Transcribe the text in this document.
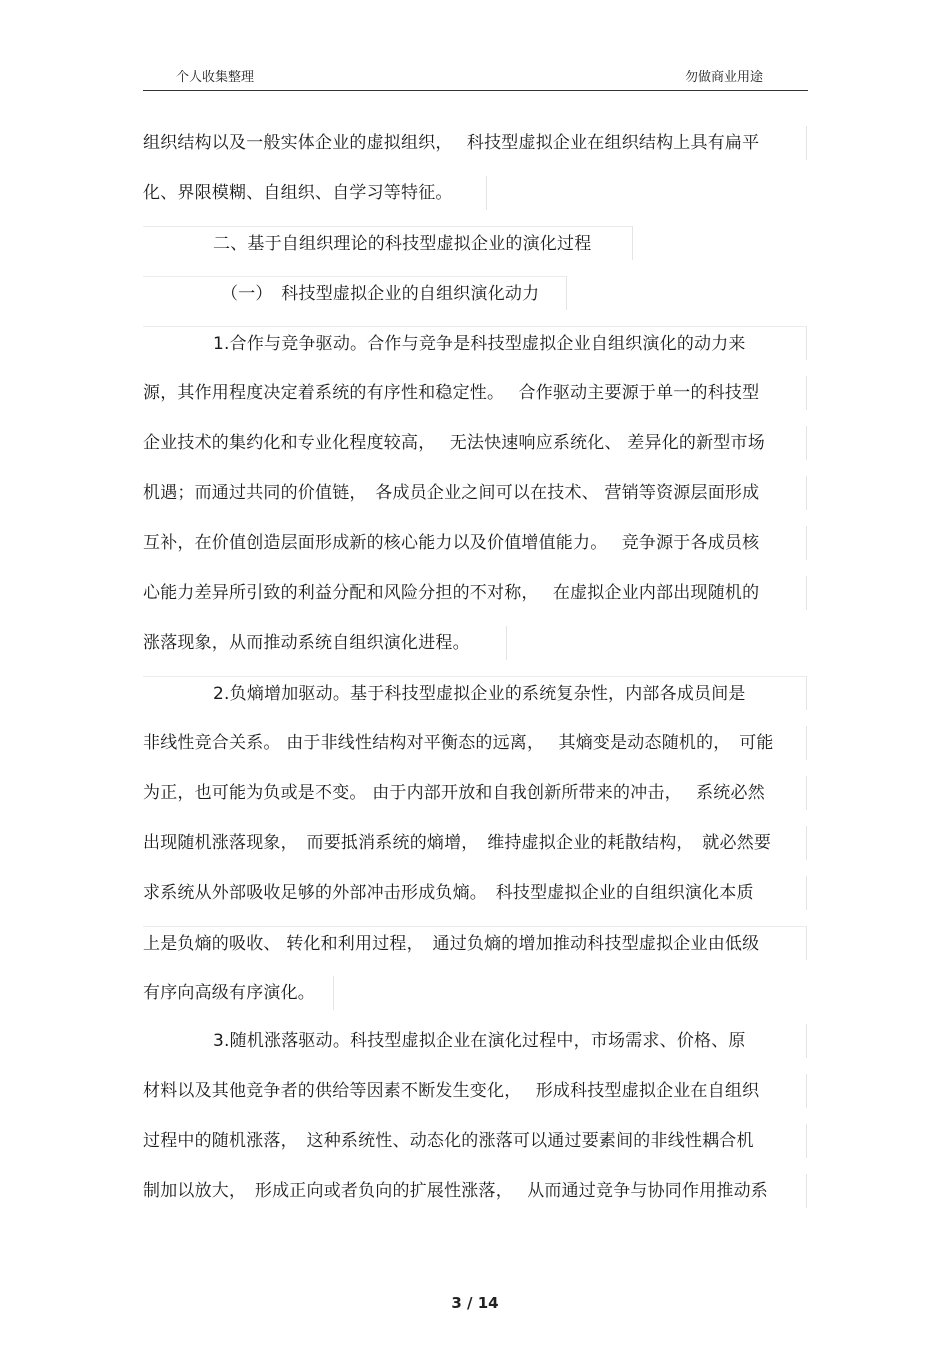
个人收集整理	勿做商业用途
组织结构以及一般实体企业的虚拟组织，　 科技型虚拟企业在组织结构上具有扁平
化、界限模糊、自组织、自学习等特征。
二、基于自组织理论的科技型虚拟企业的演化过程
（一）　科技型虚拟企业的自组织演化动力
1.合作与竞争驱动。合作与竞争是科技型虚拟企业自组织演化的动力来
源，其作用程度决定着系统的有序性和稳定性。　 合作驱动主要源于单一的科技型
企业技术的集约化和专业化程度较高，　 无法快速响应系统化、 差异化的新型市场
机遇；而通过共同的价值链，　各成员企业之间可以在技术、 营销等资源层面形成
互补，在价值创造层面形成新的核心能力以及价值增值能力。　 竞争源于各成员核
心能力差异所引致的利益分配和风险分担的不对称，　 在虚拟企业内部出现随机的
涨落现象，从而推动系统自组织演化进程。
2.负熵增加驱动。基于科技型虚拟企业的系统复杂性，内部各成员间是
非线性竞合关系。 由于非线性结构对平衡态的远离，　 其熵变是动态随机的，　可能
为正，也可能为负或是不变。 由于内部开放和自我创新所带来的冲击，　 系统必然
出现随机涨落现象，　而要抵消系统的熵增，　维持虚拟企业的耗散结构，　就必然要
求系统从外部吸收足够的外部冲击形成负熵。　科技型虚拟企业的自组织演化本质
上是负熵的吸收、 转化和利用过程，　通过负熵的增加推动科技型虚拟企业由低级
有序向高级有序演化。
3.随机涨落驱动。科技型虚拟企业在演化过程中，市场需求、价格、原
材料以及其他竞争者的供给等因素不断发生变化，　 形成科技型虚拟企业在自组织
过程中的随机涨落，　这种系统性、动态化的涨落可以通过要素间的非线性耦合机
制加以放大，　形成正向或者负向的扩展性涨落，　 从而通过竞争与协同作用推动系
3 / 14
